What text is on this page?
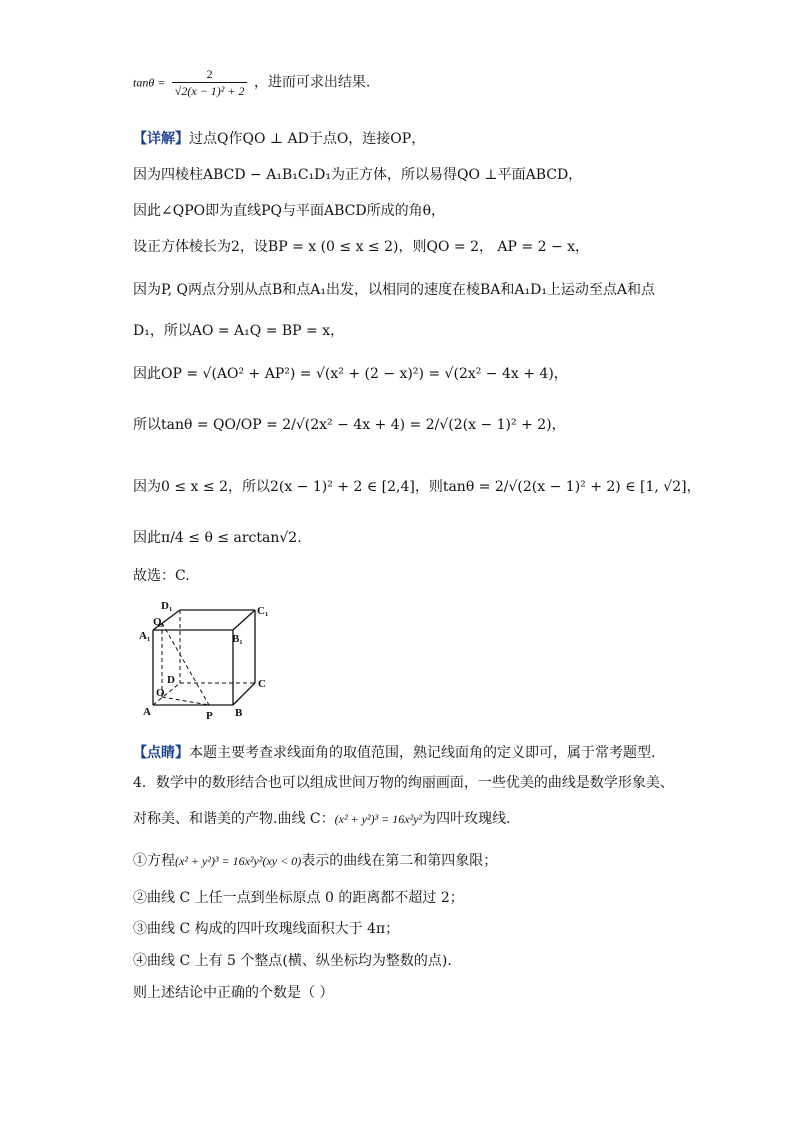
$\tan\theta = \frac{2}{\text{√2(x − 1)² + 2}}$ ，进而可求出结果.
【详解】过点Q作QO ⊥ AD于点O，连接OP，
因为四棱柱ABCD − A₁B₁C₁D₁为正方体，所以易得QO ⊥平面ABCD，
因此∠QPO即为直线PQ与平面ABCD所成的角θ，
设正方体棱长为2，设BP = x (0 ≤ x ≤ 2)，则QO = 2， AP = 2 − x，
因为P, Q两点分别从点B和点A₁出发，以相同的速度在棱BA和A₁D₁上运动至点A和点
D₁，所以AO = A₁Q = BP = x，
因此OP = √(AO² + AP²) = √(x² + (2 − x)²) = √(2x² − 4x + 4)，
所以tanθ = QO/OP = 2/√(2x² − 4x + 4) = 2/√(2(x − 1)² + 2)，
因为0 ≤ x ≤ 2，所以2(x − 1)² + 2 ∈ [2,4]，则tanθ = 2/√(2(x − 1)² + 2) ∈ [1, √2]，
因此π/4 ≤ θ ≤ arctan√2.
故选：C.
D₁	C₁
Q
A₁	B₁
D	C
O
A	P B
【点睛】本题主要考查求线面角的取值范围，熟记线面角的定义即可，属于常考题型.
4．数学中的数形结合也可以组成世间万物的绚丽画面，一些优美的曲线是数学形象美、
对称美、和谐美的产物.曲线 C：(x² + y²)³ = 16x²y²为四叶玫瑰线.
①方程(x² + y²)³ = 16x²y²(xy < 0)表示的曲线在第二和第四象限；
②曲线 C 上任一点到坐标原点 0 的距离都不超过 2；
③曲线 C 构成的四叶玫瑰线面积大于 4π；
④曲线 C 上有 5 个整点(横、纵坐标均为整数的点).
则上述结论中正确的个数是（ ）
